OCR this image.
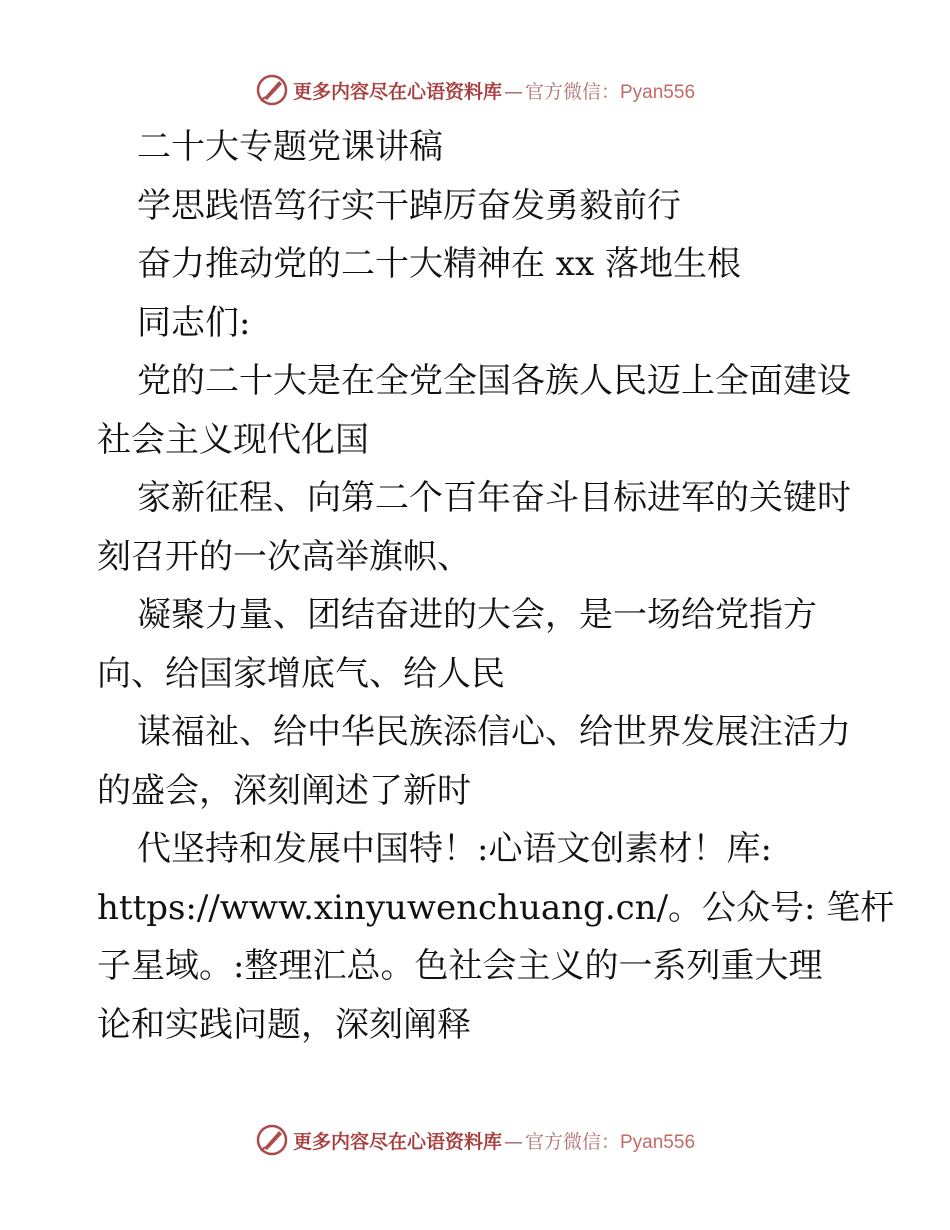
更多内容尽在心语资料库 — 官方微信：Pyan556

二十大专题党课讲稿

学思践悟笃行实干踔厉奋发勇毅前行

奋力推动党的二十大精神在 xx 落地生根

同志们:

党的二十大是在全党全国各族人民迈上全面建设

社会主义现代化国

家新征程、向第二个百年奋斗目标进军的关键时

刻召开的一次高举旗帜、

凝聚力量、团结奋进的大会，是一场给党指方

向、给国家增底气、给人民

谋福祉、给中华民族添信心、给世界发展注活力

的盛会，深刻阐述了新时

代坚持和发展中国特！:心语文创素材！库:

https://www.xinyuwenchuang.cn/。公众号: 笔杆

子星域。:整理汇总。色社会主义的一系列重大理

论和实践问题，深刻阐释

更多内容尽在心语资料库 — 官方微信：Pyan556
